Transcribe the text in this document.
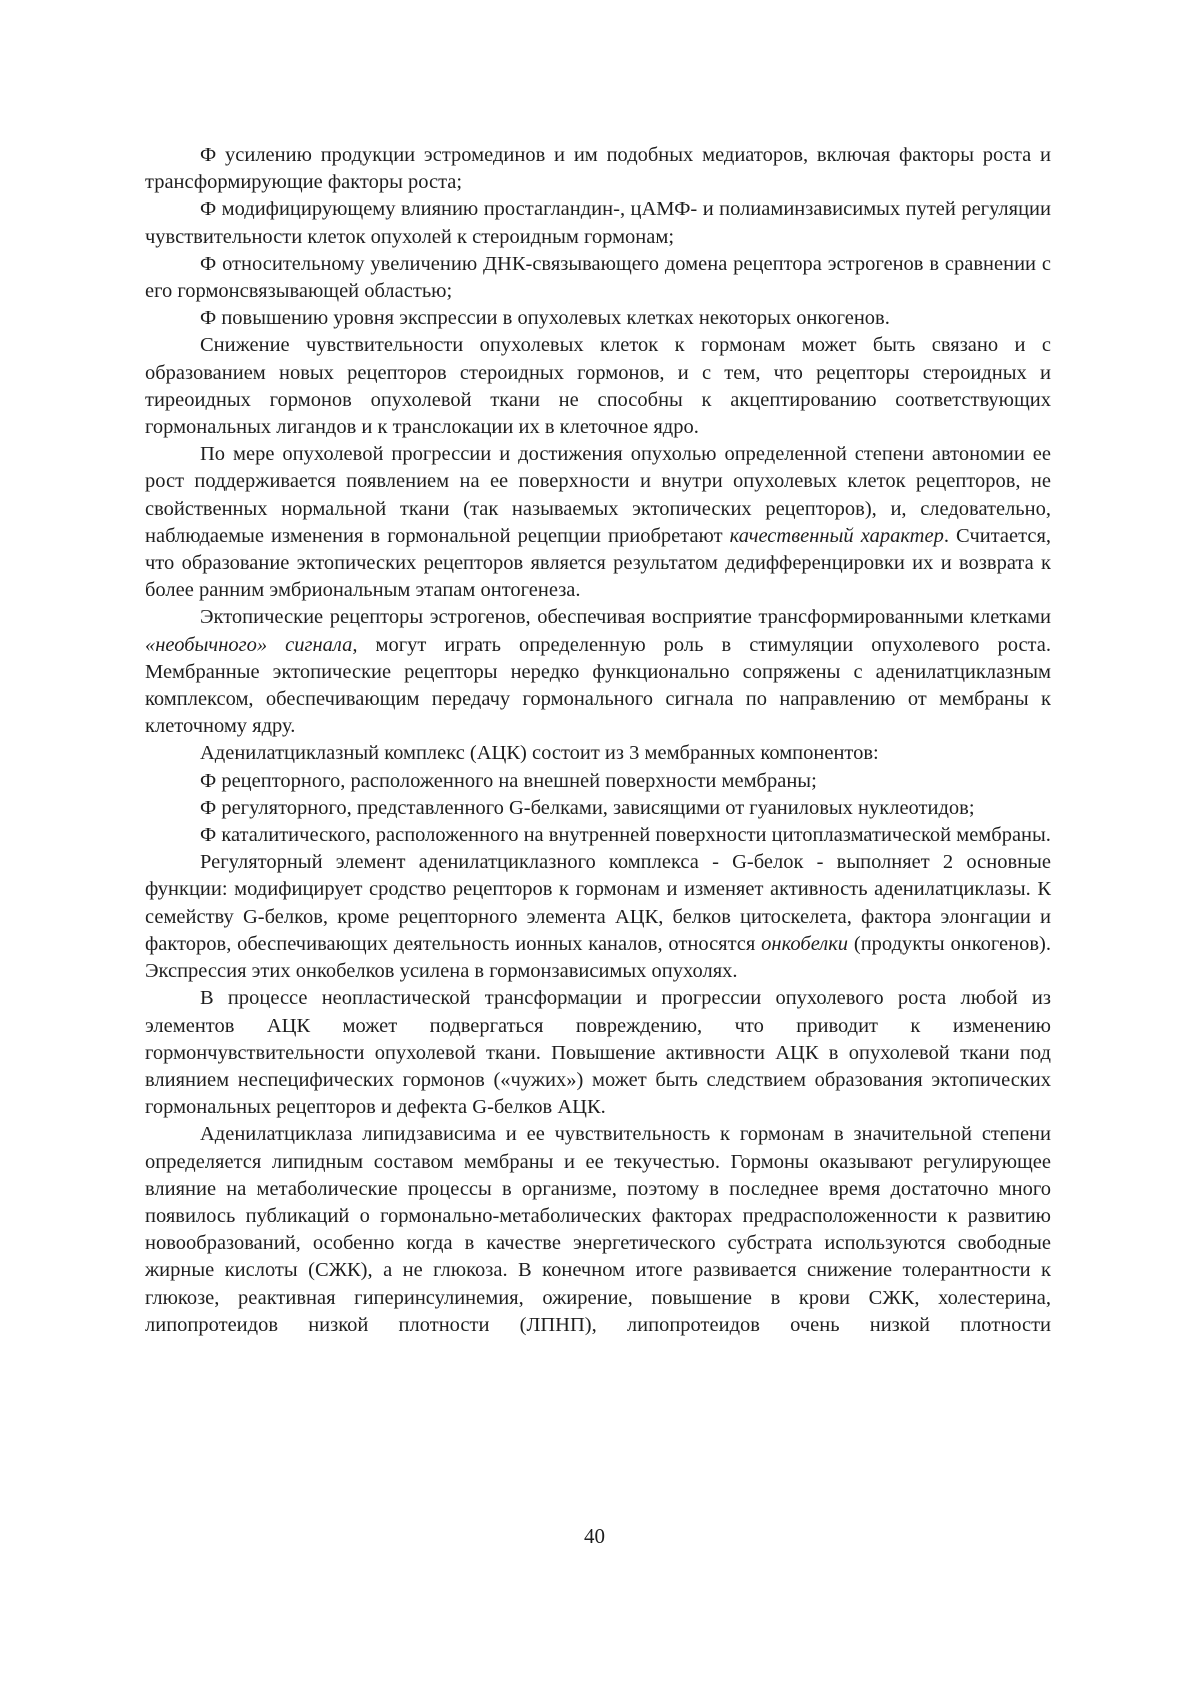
Ф усилению продукции эстромединов и им подобных медиаторов, включая факторы роста и трансформирующие факторы роста;

Ф модифицирующему влиянию простагландин-, цАМФ- и полиаминзависимых путей регуляции чувствительности клеток опухолей к стероидным гормонам;

Ф относительному увеличению ДНК-связывающего домена рецептора эстрогенов в сравнении с его гормонсвязывающей областью;

Ф повышению уровня экспрессии в опухолевых клетках некоторых онкогенов.

Снижение чувствительности опухолевых клеток к гормонам может быть связано и с образованием новых рецепторов стероидных гормонов, и с тем, что рецепторы стероидных и тиреоидных гормонов опухолевой ткани не способны к акцептированию соответствующих гормональных лигандов и к транслокации их в клеточное ядро.

По мере опухолевой прогрессии и достижения опухолью определенной степени автономии ее рост поддерживается появлением на ее поверхности и внутри опухолевых клеток рецепторов, не свойственных нормальной ткани (так называемых эктопических рецепторов), и, следовательно, наблюдаемые изменения в гормональной рецепции приобретают качественный характер. Считается, что образование эктопических рецепторов является результатом дедифференцировки их и возврата к более ранним эмбриональным этапам онтогенеза.

Эктопические рецепторы эстрогенов, обеспечивая восприятие трансформированными клетками «необычного» сигнала, могут играть определенную роль в стимуляции опухолевого роста. Мембранные эктопические рецепторы нередко функционально сопряжены с аденилатциклазным комплексом, обеспечивающим передачу гормонального сигнала по направлению от мембраны к клеточному ядру.

Аденилатциклазный комплекс (АЦК) состоит из 3 мембранных компонентов:

Ф рецепторного, расположенного на внешней поверхности мембраны;

Ф регуляторного, представленного G-белками, зависящими от гуаниловых нуклеотидов;

Ф каталитического, расположенного на внутренней поверхности цитоплазматической мембраны.

Регуляторный элемент аденилатциклазного комплекса - G-белок - выполняет 2 основные функции: модифицирует сродство рецепторов к гормонам и изменяет активность аденилатциклазы. К семейству G-белков, кроме рецепторного элемента АЦК, белков цитоскелета, фактора элонгации и факторов, обеспечивающих деятельность ионных каналов, относятся онкобелки (продукты онкогенов). Экспрессия этих онкобелков усилена в гормонзависимых опухолях.

В процессе неопластической трансформации и прогрессии опухолевого роста любой из элементов АЦК может подвергаться повреждению, что приводит к изменению гормончувствительности опухолевой ткани. Повышение активности АЦК в опухолевой ткани под влиянием неспецифических гормонов («чужих») может быть следствием образования эктопических гормональных рецепторов и дефекта G-белков АЦК.

Аденилатциклаза липидзависима и ее чувствительность к гормонам в значительной степени определяется липидным составом мембраны и ее текучестью. Гормоны оказывают регулирующее влияние на метаболические процессы в организме, поэтому в последнее время достаточно много появилось публикаций о гормонально-метаболических факторах предрасположенности к развитию новообразований, особенно когда в качестве энергетического субстрата используются свободные жирные кислоты (СЖК), а не глюкоза. В конечном итоге развивается снижение толерантности к глюкозе, реактивная гиперинсулинемия, ожирение, повышение в крови СЖК, холестерина, липопротеидов низкой плотности (ЛПНП), липопротеидов очень низкой плотности

40
